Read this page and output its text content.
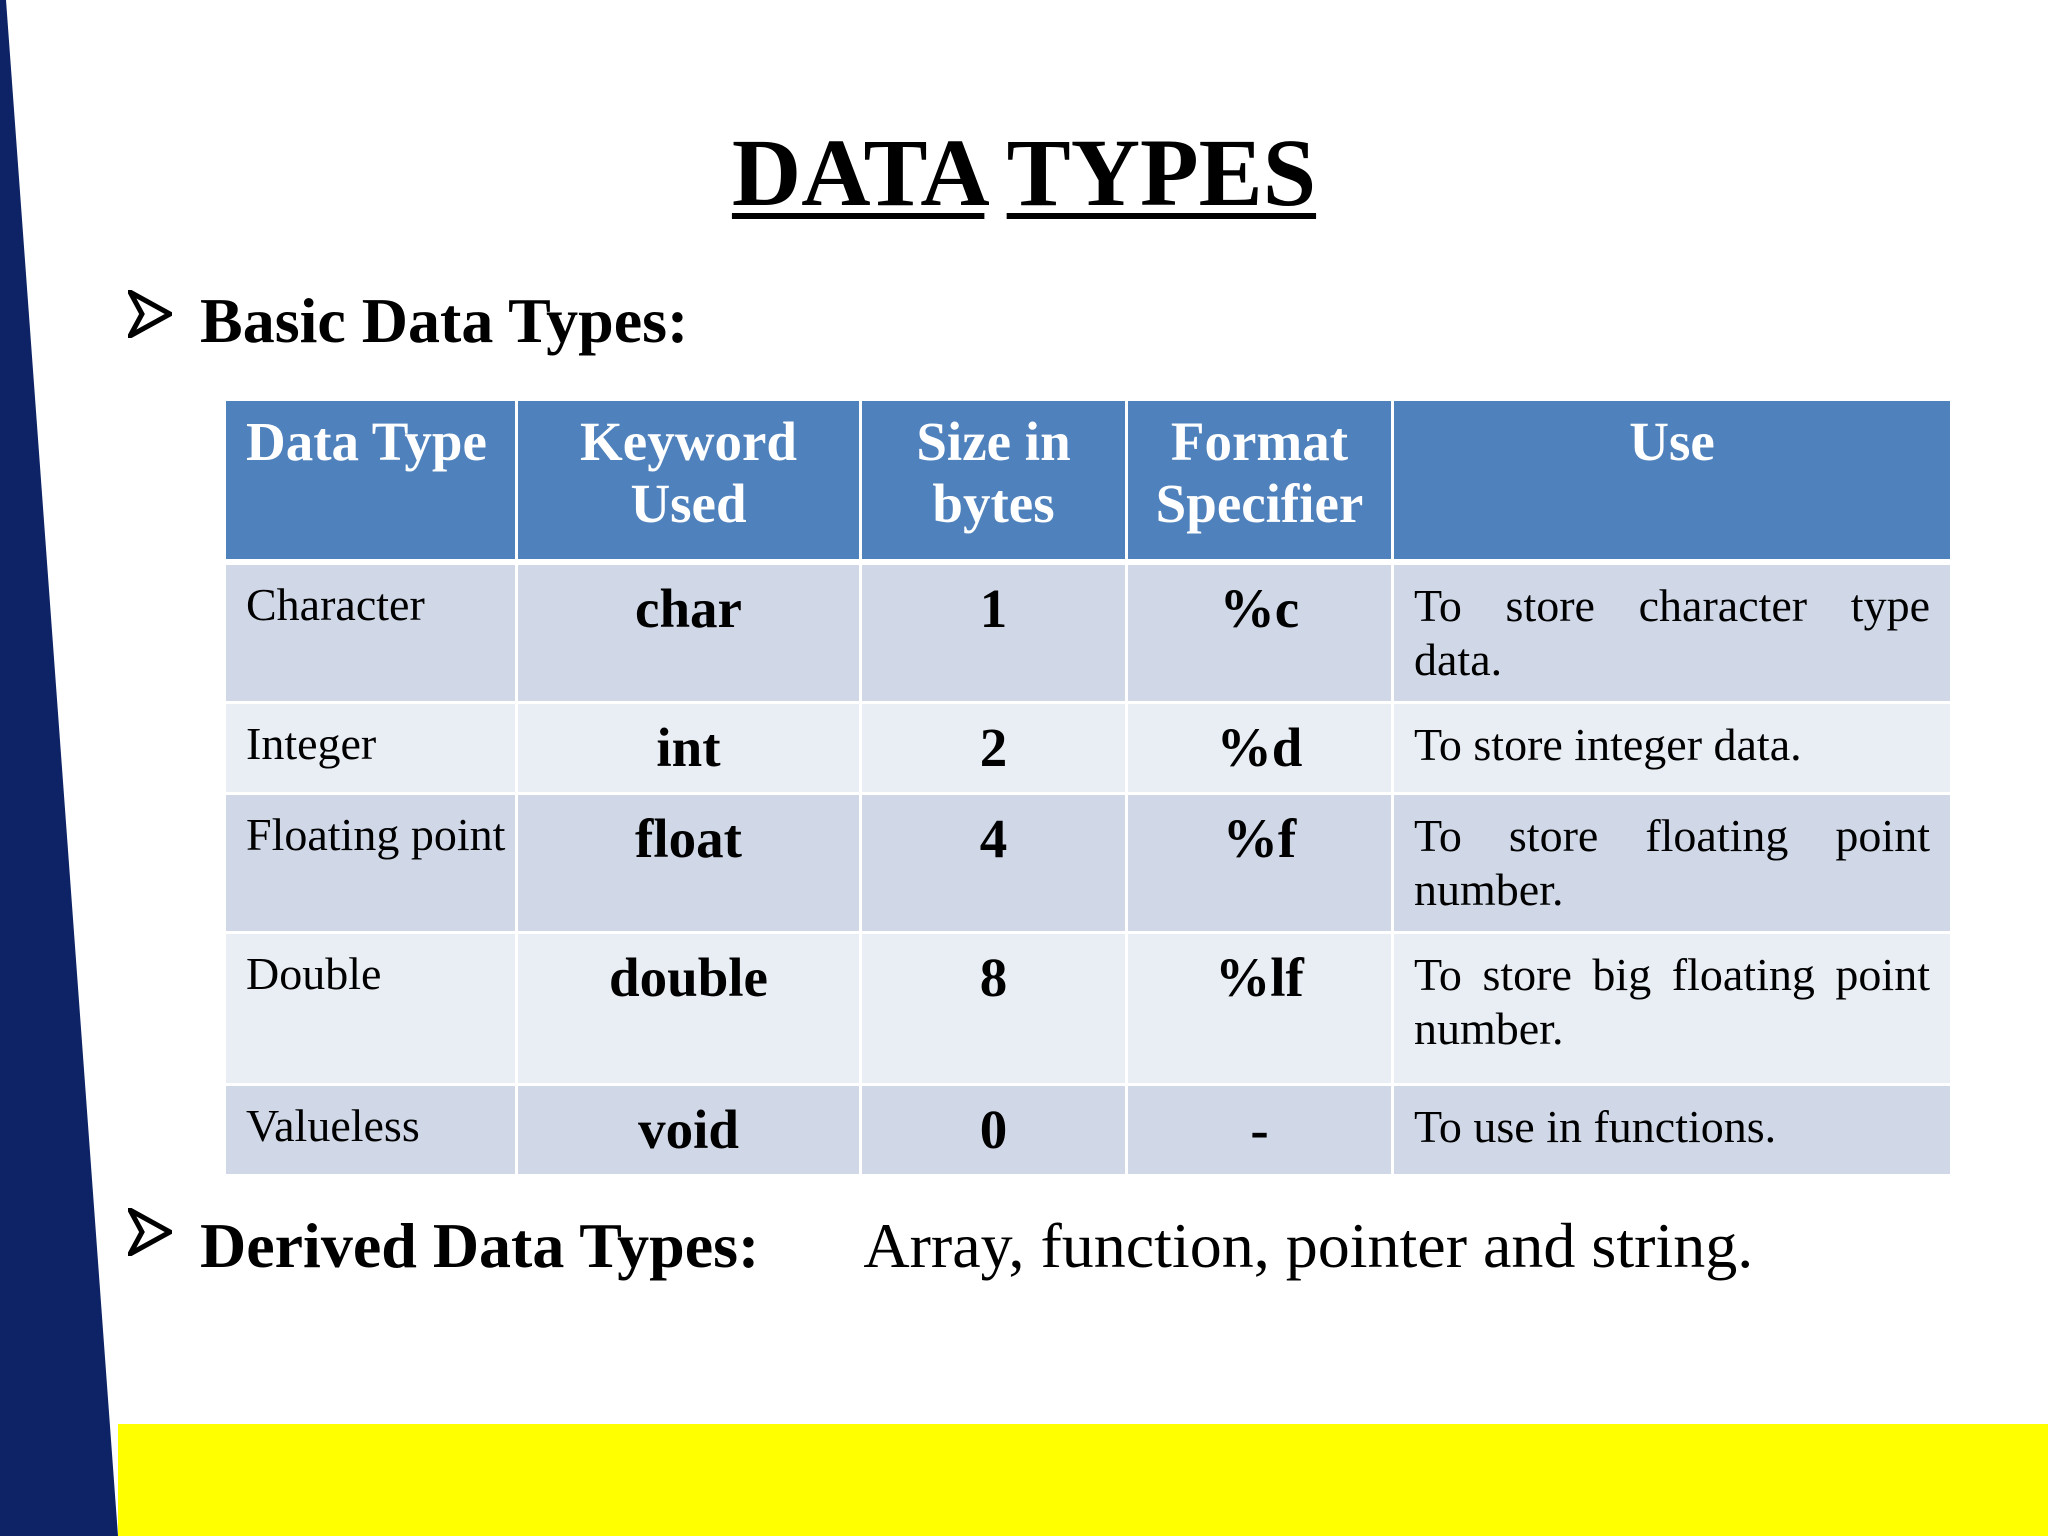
DATA TYPES
Basic Data Types:
Data Type	Keyword Used	Size in bytes	Format Specifier	Use
Character	char	1	%c	To store character type data.
Integer	int	2	%d	To store integer data.
Floating point	float	4	%f	To store floating point number.
Double	double	8	%lf	To store big floating point number.
Valueless	void	0	-	To use in functions.
Derived Data Types: Array, function, pointer and string.
